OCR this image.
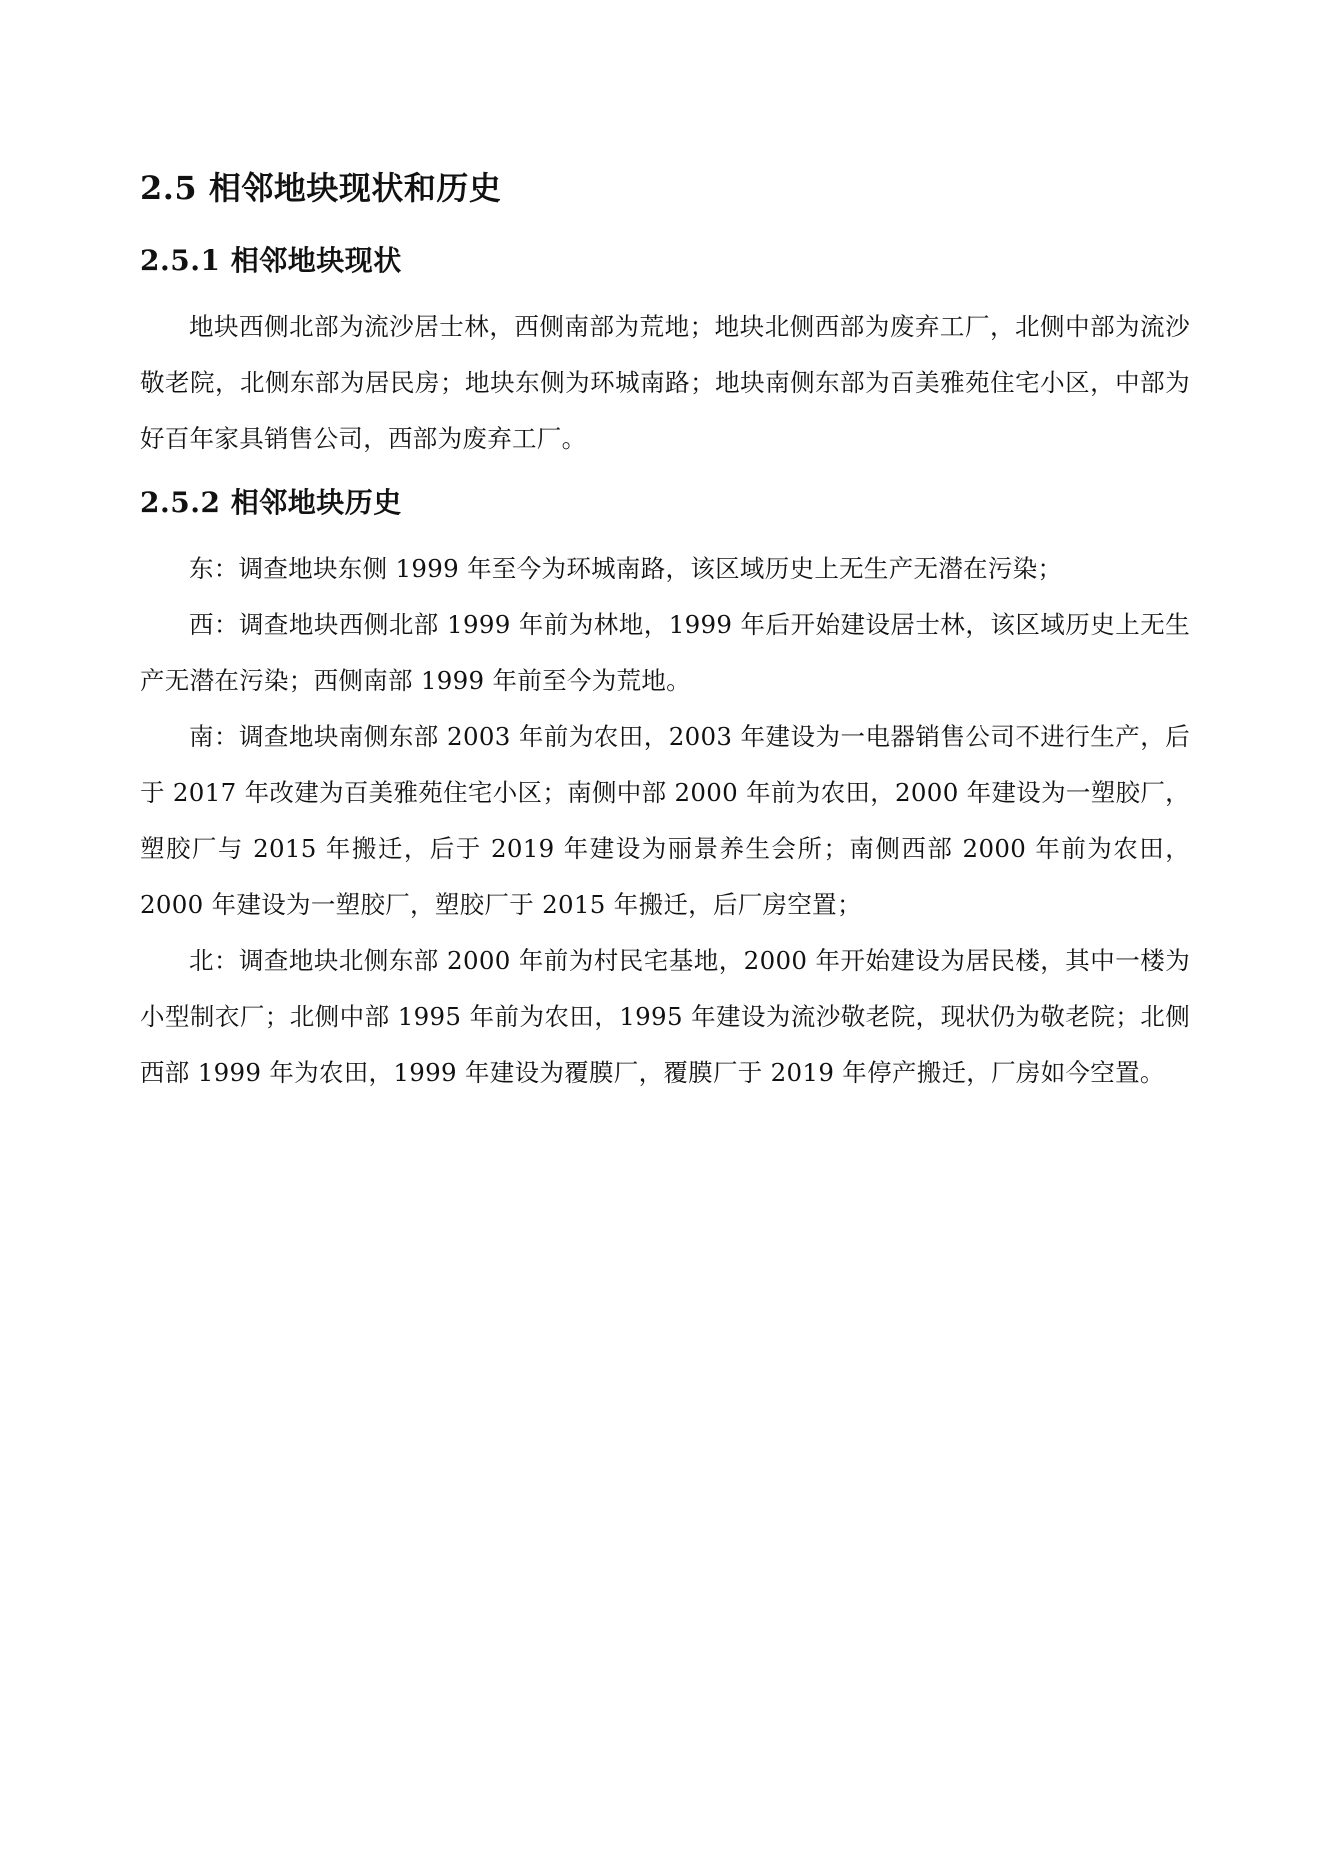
2.5 相邻地块现状和历史
2.5.1 相邻地块现状

地块西侧北部为流沙居士林，西侧南部为荒地；地块北侧西部为废弃工厂，北侧中部为流沙敬老院，北侧东部为居民房；地块东侧为环城南路；地块南侧东部为百美雅苑住宅小区，中部为好百年家具销售公司，西部为废弃工厂。

2.5.2 相邻地块历史

东：调查地块东侧 1999 年至今为环城南路，该区域历史上无生产无潜在污染；

西：调查地块西侧北部 1999 年前为林地，1999 年后开始建设居士林，该区域历史上无生产无潜在污染；西侧南部 1999 年前至今为荒地。

南：调查地块南侧东部 2003 年前为农田，2003 年建设为一电器销售公司不进行生产，后于 2017 年改建为百美雅苑住宅小区；南侧中部 2000 年前为农田，2000 年建设为一塑胶厂，塑胶厂与 2015 年搬迁，后于 2019 年建设为丽景养生会所；南侧西部 2000 年前为农田，2000 年建设为一塑胶厂，塑胶厂于 2015 年搬迁，后厂房空置；

北：调查地块北侧东部 2000 年前为村民宅基地，2000 年开始建设为居民楼，其中一楼为小型制衣厂；北侧中部 1995 年前为农田，1995 年建设为流沙敬老院，现状仍为敬老院；北侧西部 1999 年为农田，1999 年建设为覆膜厂，覆膜厂于 2019 年停产搬迁，厂房如今空置。
